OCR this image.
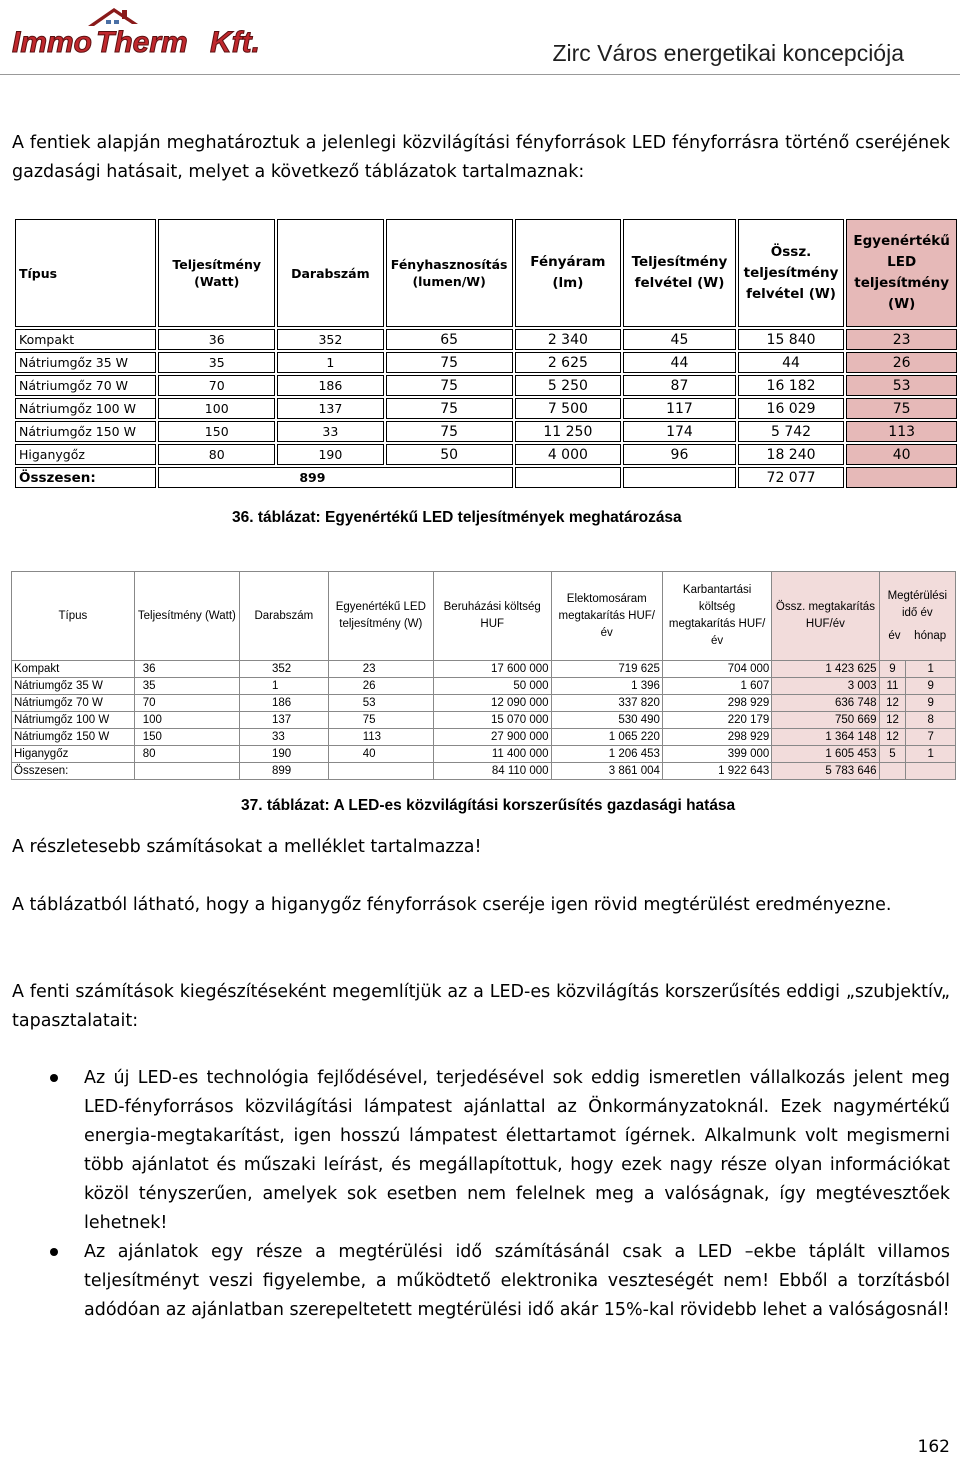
Immo Therm Kft.	Zirc Város energetikai koncepciója
A fentiek alapján meghatároztuk a jelenlegi közvilágítási fényforrások LED fényforrásra történő cseréjének gazdasági hatásait, melyet a következő táblázatok tartalmaznak:
Típus	Teljesítmény (Watt)	Darabszám	Fényhasznosítás (lumen/W)	Fényáram (lm)	Teljesítmény felvétel (W)	Össz. teljesítmény felvétel (W)	Egyenértékű LED teljesítmény (W)
Kompakt	36	352	65	2 340	45	15 840	23
Nátriumgőz 35 W	35	1	75	2 625	44	44	26
Nátriumgőz 70 W	70	186	75	5 250	87	16 182	53
Nátriumgőz 100 W	100	137	75	7 500	117	16 029	75
Nátriumgőz 150 W	150	33	75	11 250	174	5 742	113
Higanygőz	80	190	50	4 000	96	18 240	40
Összesen:	899					72 077	
36. táblázat: Egyenértékű LED teljesítmények meghatározása
Típus	Teljesítmény (Watt)	Darabszám	Egyenértékű LED teljesítmény (W)	Beruházási költség HUF	Elektomosáram megtakarítás HUF/év	Karbantartási költség megtakarítás HUF/év	Össz. megtakarítás HUF/év	Megtérülési idő év
év hónap	

Kompakt	36	352	23	17 600 000	719 625	704 000	1 423 625	9	1
Nátriumgőz 35 W	35	1	26	50 000	1 396	1 607	3 003	11	9
Nátriumgőz 70 W	70	186	53	12 090 000	337 820	298 929	636 748	12	9
Nátriumgőz 100 W	100	137	75	15 070 000	530 490	220 179	750 669	12	8
Nátriumgőz 150 W	150	33	113	27 900 000	1 065 220	298 929	1 364 148	12	7
Higanygőz	80	190	40	11 400 000	1 206 453	399 000	1 605 453	5	1
Összesen:		899		84 110 000	3 861 004	1 922 643	5 783 646		
37. táblázat: A LED-es közvilágítási korszerűsítés gazdasági hatása
A részletesebb számításokat a melléklet tartalmazza!
A táblázatból látható, hogy a higanygőz fényforrások cseréje igen rövid megtérülést eredményezne.
A fenti számítások kiegészítéseként megemlítjük az a LED-es közvilágítás korszerűsítés eddigi „szubjektív„ tapasztalatait:
Az új LED-es technológia fejlődésével, terjedésével sok eddig ismeretlen vállalkozás jelent meg LED-fényforrásos közvilágítási lámpatest ajánlattal az Önkormányzatoknál. Ezek nagymértékű energia-megtakarítást, igen hosszú lámpatest élettartamot ígérnek. Alkalmunk volt megismerni több ajánlatot és műszaki leírást, és megállapítottuk, hogy ezek nagy része olyan információkat közöl tényszerűen, amelyek sok esetben nem felelnek meg a valóságnak, így megtévesztőek lehetnek!
Az ajánlatok egy része a megtérülési idő számításánál csak a LED –ekbe táplált villamos teljesítményt veszi figyelembe, a működtető elektronika veszteségét nem! Ebből a torzításból adódóan az ajánlatban szerepeltetett megtérülési idő akár 15%-kal rövidebb lehet a valóságosnál!
162
